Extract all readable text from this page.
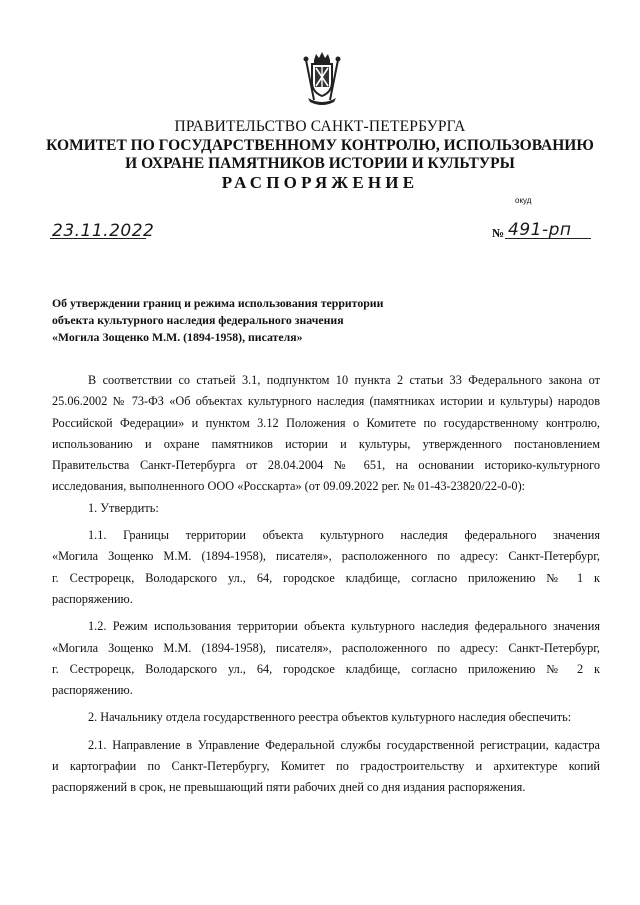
ПРАВИТЕЛЬСТВО САНКТ-ПЕТЕРБУРГА
КОМИТЕТ ПО ГОСУДАРСТВЕННОМУ КОНТРОЛЮ, ИСПОЛЬЗОВАНИЮ
И ОХРАНЕ ПАМЯТНИКОВ ИСТОРИИ И КУЛЬТУРЫ
РАСПОРЯЖЕНИЕ
окуд
23.11.2022	№ 491-рп
Об утверждении границ и режима использования территории
объекта культурного наследия федерального значения
«Могила Зощенко М.М. (1894-1958), писателя»
В соответствии со статьей 3.1, подпунктом 10 пункта 2 статьи 33 Федерального закона от
25.06.2002 № 73-ФЗ «Об объектах культурного наследия (памятниках истории и культуры) народов
Российской Федерации» и пунктом 3.12 Положения о Комитете по государственному контролю,
использованию и охране памятников истории и культуры, утвержденного постановлением
Правительства Санкт-Петербурга от 28.04.2004 № 651, на основании историко-культурного
исследования, выполненного ООО «Росскарта» (от 09.09.2022 рег. № 01-43-23820/22-0-0):
1. Утвердить:
1.1. Границы территории объекта культурного наследия федерального значения
«Могила Зощенко М.М. (1894-1958), писателя», расположенного по адресу: Санкт-Петербург,
г. Сестрорецк, Володарского ул., 64, городское кладбище, согласно приложению № 1 к
распоряжению.
1.2. Режим использования территории объекта культурного наследия федерального значения
«Могила Зощенко М.М. (1894-1958), писателя», расположенного по адресу: Санкт-Петербург,
г. Сестрорецк, Володарского ул., 64, городское кладбище, согласно приложению № 2 к
распоряжению.
2. Начальнику отдела государственного реестра объектов культурного наследия обеспечить:
2.1. Направление в Управление Федеральной службы государственной регистрации, кадастра
и картографии по Санкт-Петербургу, Комитет по градостроительству и архитектуре копий
распоряжений в срок, не превышающий пяти рабочих дней со дня издания распоряжения.
